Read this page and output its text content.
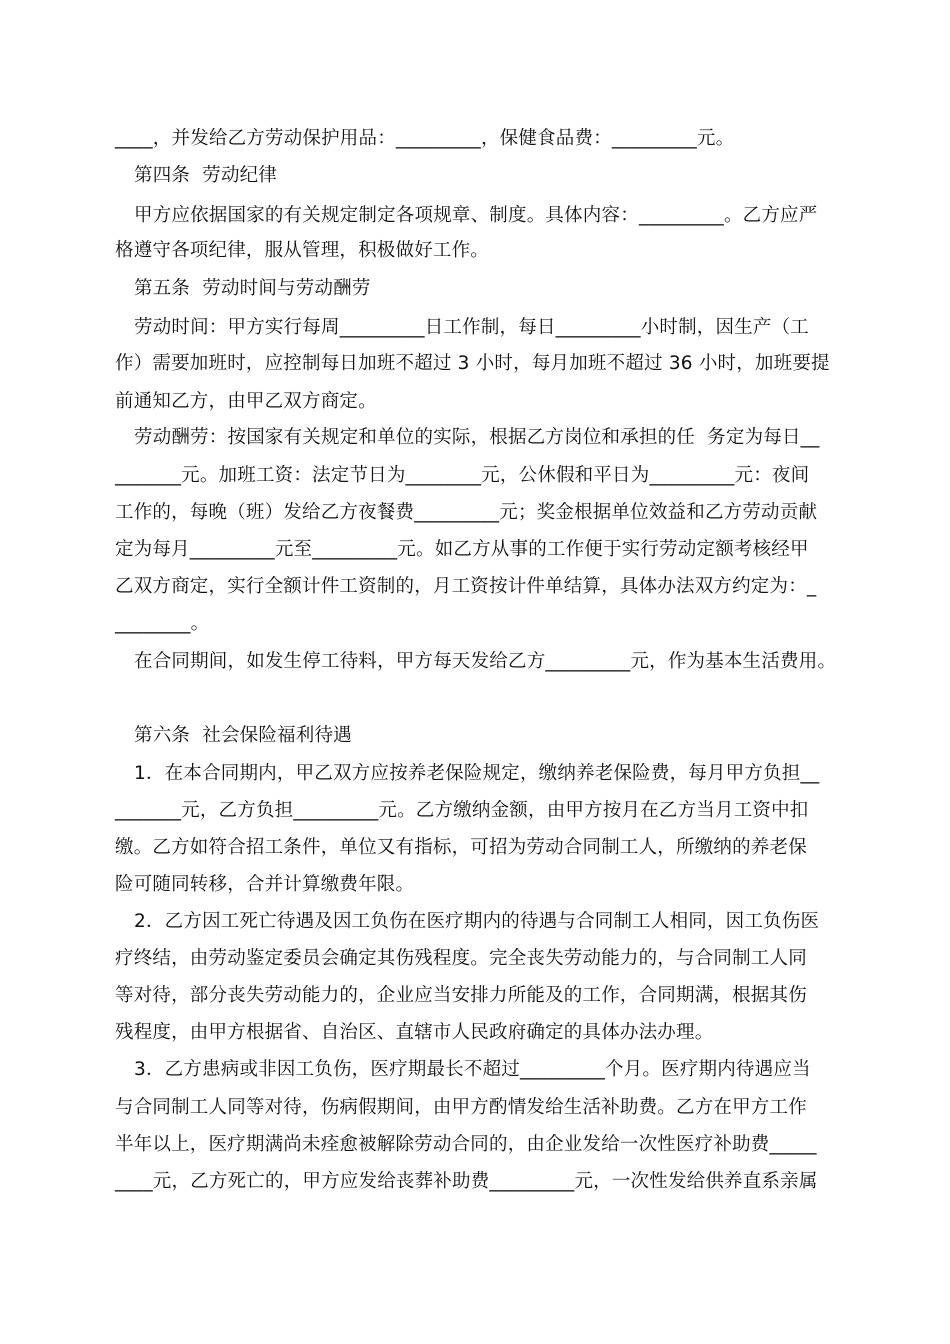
____，并发给乙方劳动保护用品：_________，保健食品费：_________元。
第四条  劳动纪律
甲方应依据国家的有关规定制定各项规章、制度。具体内容：_________。乙方应严
格遵守各项纪律，服从管理，积极做好工作。
第五条  劳动时间与劳动酬劳
劳动时间：甲方实行每周_________日工作制，每日_________小时制，因生产（工
作）需要加班时，应控制每日加班不超过 3 小时，每月加班不超过 36 小时，加班要提
前通知乙方，由甲乙双方商定。
劳动酬劳：按国家有关规定和单位的实际，根据乙方岗位和承担的任  务定为每日__
_______元。加班工资：法定节日为________元，公休假和平日为_________元：夜间
工作的，每晚（班）发给乙方夜餐费_________元；奖金根据单位效益和乙方劳动贡献
定为每月_________元至_________元。如乙方从事的工作便于实行劳动定额考核经甲
乙双方商定，实行全额计件工资制的，月工资按计件单结算，具体办法双方约定为：_
________。
在合同期间，如发生停工待料，甲方每天发给乙方_________元，作为基本生活费用。
第六条  社会保险福利待遇
1．在本合同期内，甲乙双方应按养老保险规定，缴纳养老保险费，每月甲方负担__
_______元，乙方负担_________元。乙方缴纳金额，由甲方按月在乙方当月工资中扣
缴。乙方如符合招工条件，单位又有指标，可招为劳动合同制工人，所缴纳的养老保
险可随同转移，合并计算缴费年限。
2．乙方因工死亡待遇及因工负伤在医疗期内的待遇与合同制工人相同，因工负伤医
疗终结，由劳动鉴定委员会确定其伤残程度。完全丧失劳动能力的，与合同制工人同
等对待，部分丧失劳动能力的，企业应当安排力所能及的工作，合同期满，根据其伤
残程度，由甲方根据省、自治区、直辖市人民政府确定的具体办法办理。
3．乙方患病或非因工负伤，医疗期最长不超过_________个月。医疗期内待遇应当
与合同制工人同等对待，伤病假期间，由甲方酌情发给生活补助费。乙方在甲方工作
半年以上，医疗期满尚未痊愈被解除劳动合同的，由企业发给一次性医疗补助费_____
____元，乙方死亡的，甲方应发给丧葬补助费_________元，一次性发给供养直系亲属
